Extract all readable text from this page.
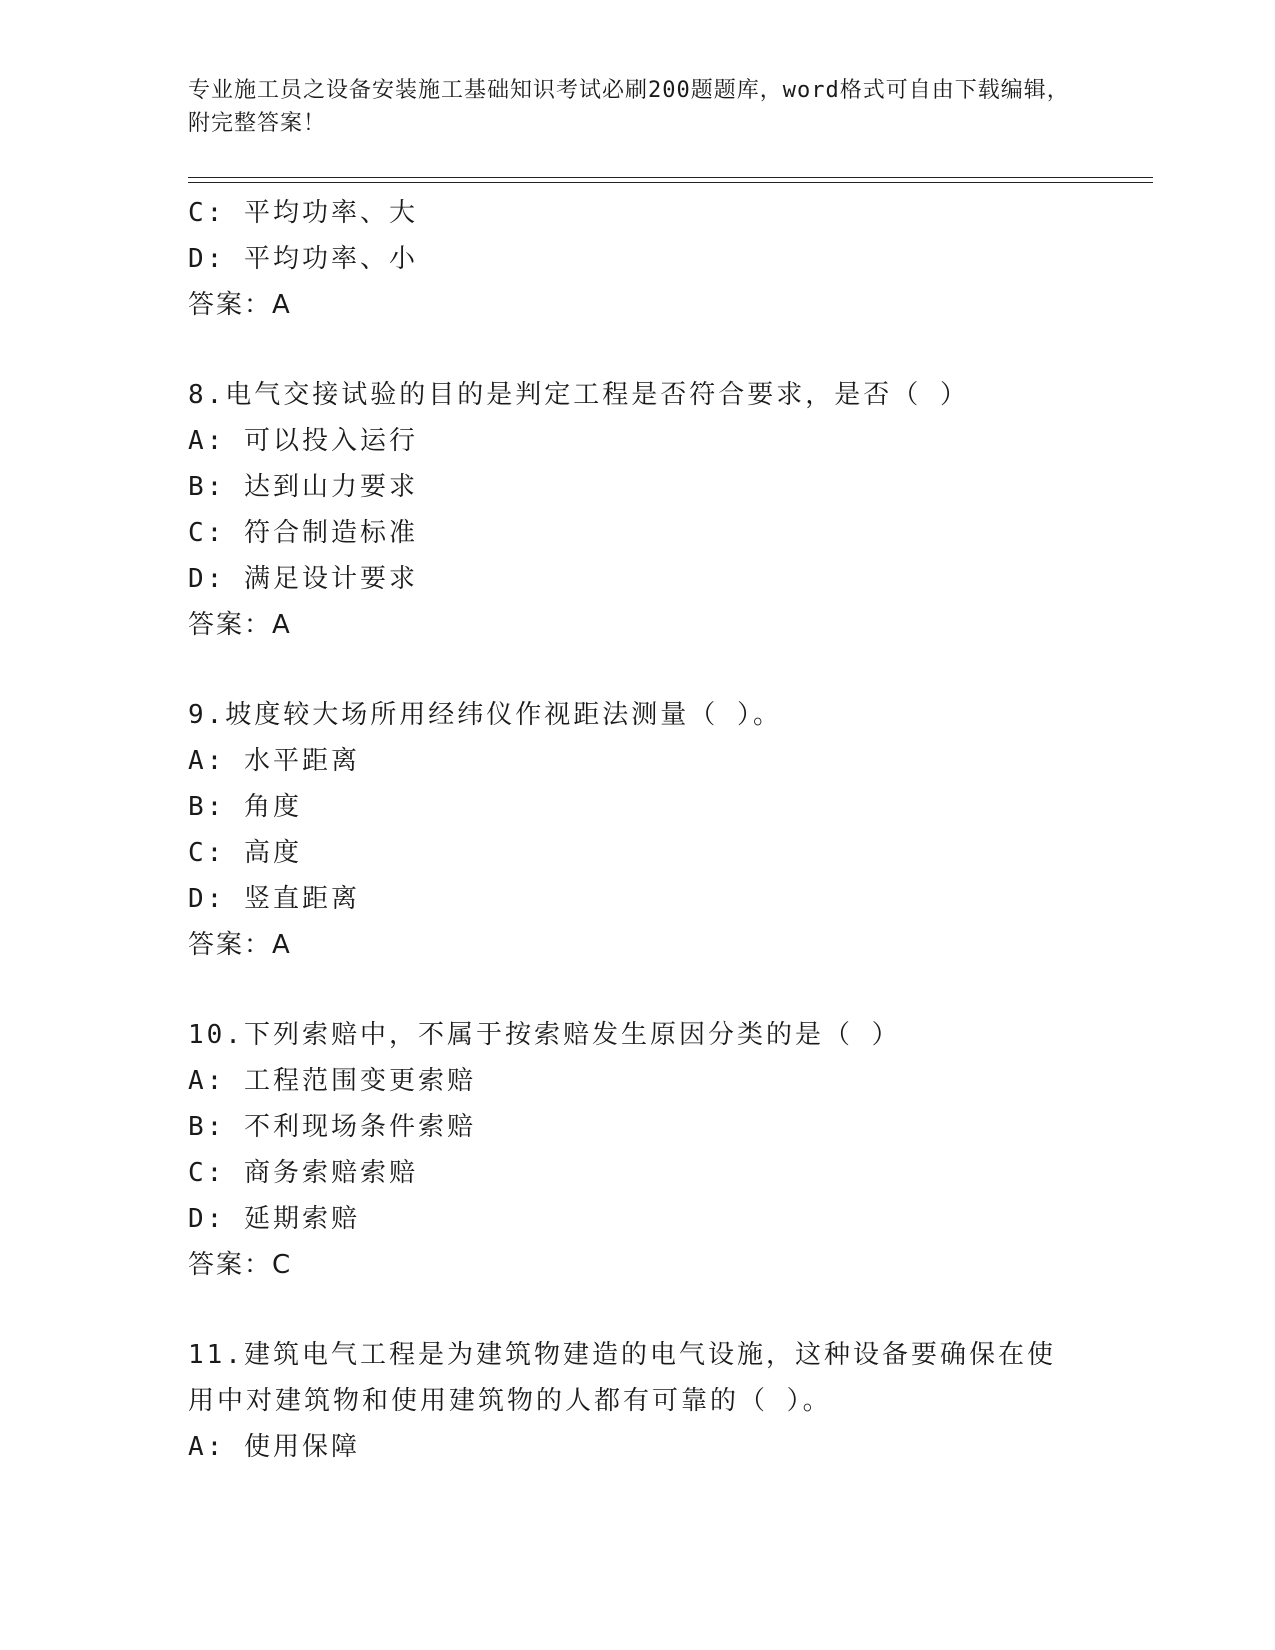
专业施工员之设备安装施工基础知识考试必刷200题题库，word格式可自由下载编辑，附完整答案！
C: 平均功率、大
D: 平均功率、小
答案：A
8.电气交接试验的目的是判定工程是否符合要求，是否（ ）
A: 可以投入运行
B: 达到山力要求
C: 符合制造标准
D: 满足设计要求
答案：A
9.坡度较大场所用经纬仪作视距法测量（ ）。
A: 水平距离
B: 角度
C: 高度
D: 竖直距离
答案：A
10.下列索赔中，不属于按索赔发生原因分类的是（ ）
A: 工程范围变更索赔
B: 不利现场条件索赔
C: 商务索赔索赔
D: 延期索赔
答案：C
11.建筑电气工程是为建筑物建造的电气设施，这种设备要确保在使用中对建筑物和使用建筑物的人都有可靠的（ ）。
A: 使用保障
